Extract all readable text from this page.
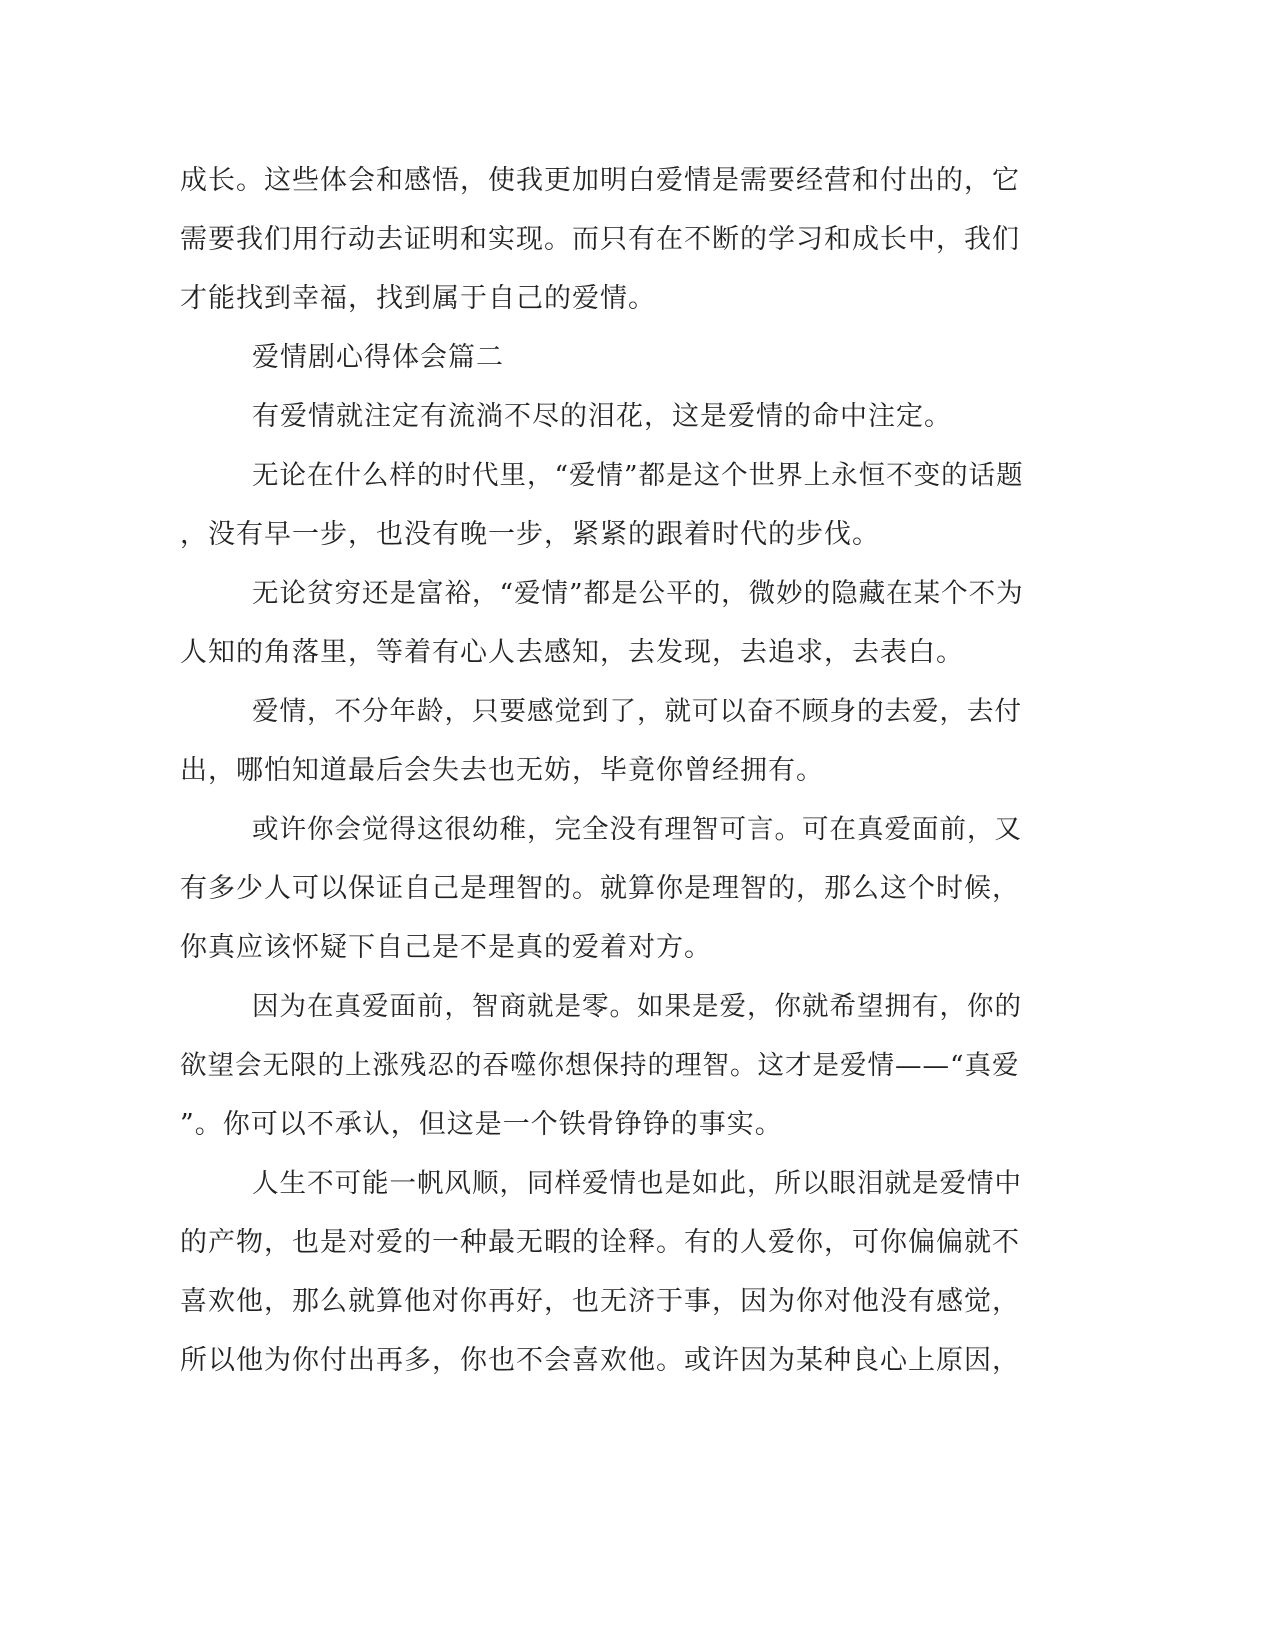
成长。这些体会和感悟，使我更加明白爱情是需要经营和付出的，它
需要我们用行动去证明和实现。而只有在不断的学习和成长中，我们
才能找到幸福，找到属于自己的爱情。
爱情剧心得体会篇二
有爱情就注定有流淌不尽的泪花，这是爱情的命中注定。
无论在什么样的时代里，“爱情”都是这个世界上永恒不变的话题
，没有早一步，也没有晚一步，紧紧的跟着时代的步伐。
无论贫穷还是富裕，“爱情”都是公平的，微妙的隐藏在某个不为
人知的角落里，等着有心人去感知，去发现，去追求，去表白。
爱情，不分年龄，只要感觉到了，就可以奋不顾身的去爱，去付
出，哪怕知道最后会失去也无妨，毕竟你曾经拥有。
或许你会觉得这很幼稚，完全没有理智可言。可在真爱面前，又
有多少人可以保证自己是理智的。就算你是理智的，那么这个时候，
你真应该怀疑下自己是不是真的爱着对方。
因为在真爱面前，智商就是零。如果是爱，你就希望拥有，你的
欲望会无限的上涨残忍的吞噬你想保持的理智。这才是爱情——“真爱
”。你可以不承认，但这是一个铁骨铮铮的事实。
人生不可能一帆风顺，同样爱情也是如此，所以眼泪就是爱情中
的产物，也是对爱的一种最无暇的诠释。有的人爱你，可你偏偏就不
喜欢他，那么就算他对你再好，也无济于事，因为你对他没有感觉，
所以他为你付出再多，你也不会喜欢他。或许因为某种良心上原因，
